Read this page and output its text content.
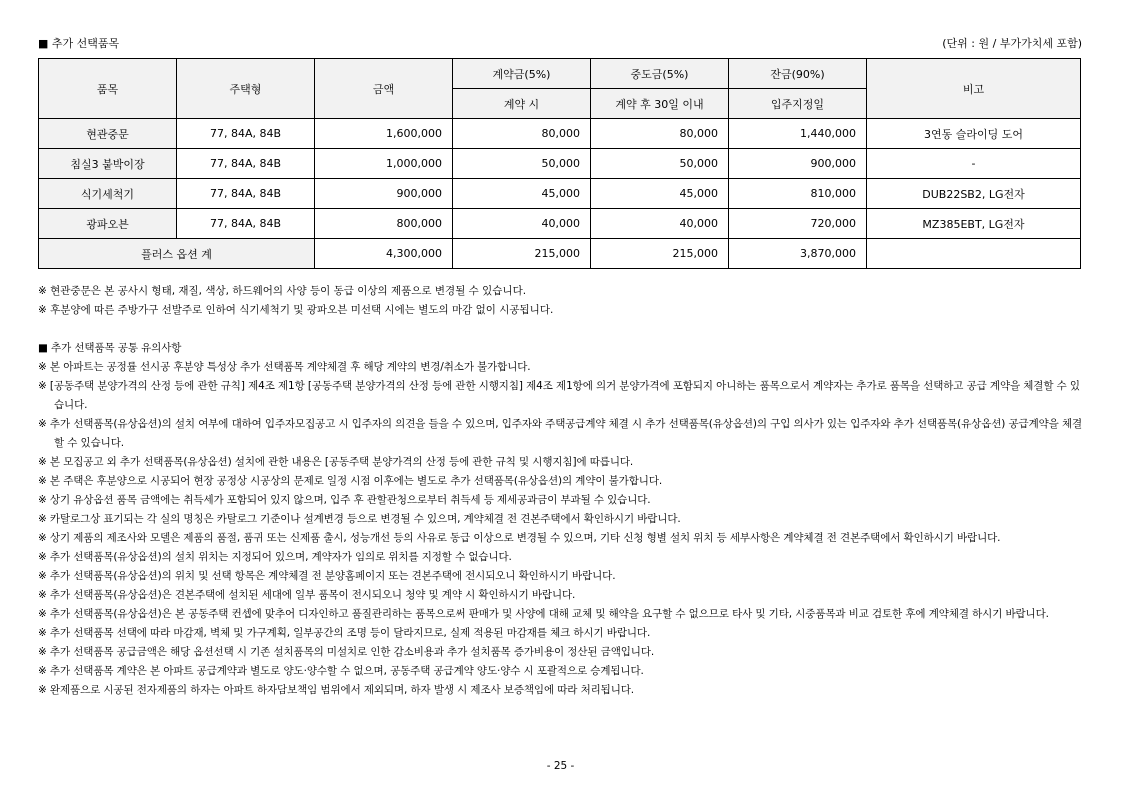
■ 추가 선택품목	(단위 : 원 / 부가가치세 포함)
품목	주택형	금액	계약금(5%)	중도금(5%)	잔금(90%)	비고
			계약 시	계약 후 30일 이내	입주지정일	
현관중문	77, 84A, 84B	1,600,000	80,000	80,000	1,440,000	3연동 슬라이딩 도어
침실3 붙박이장	77, 84A, 84B	1,000,000	50,000	50,000	900,000	-
식기세척기	77, 84A, 84B	900,000	45,000	45,000	810,000	DUB22SB2, LG전자
광파오븐	77, 84A, 84B	800,000	40,000	40,000	720,000	MZ385EBT, LG전자
플러스 옵션 계		4,300,000	215,000	215,000	3,870,000	

※ 현관중문은 본 공사시 형태, 재질, 색상, 하드웨어의 사양 등이 동급 이상의 제품으로 변경될 수 있습니다.

※ 후분양에 따른 주방가구 선발주로 인하여 식기세척기 및 광파오븐 미선택 시에는 별도의 마감 없이 시공됩니다.

■ 추가 선택품목 공통 유의사항

※ 본 아파트는 공정률 선시공 후분양 특성상 추가 선택품목 계약체결 후 해당 계약의 변경/취소가 불가합니다.

※ [공동주택 분양가격의 산정 등에 관한 규칙] 제4조 제1항 [공동주택 분양가격의 산정 등에 관한 시행지침] 제4조 제1항에 의거 분양가격에 포함되지 아니하는 품목으로서 계약자는 추가로 품목을 선택하고 공급 계약을 체결할 수 있습니다.

※ 추가 선택품목(유상옵션)의 설치 여부에 대하여 입주자모집공고 시 입주자의 의견을 들을 수 있으며, 입주자와 주택공급계약 체결 시 추가 선택품목(유상옵션)의 구입 의사가 있는 입주자와 추가 선택품목(유상옵션) 공급계약을 체결할 수 있습니다.

※ 본 모집공고 외 추가 선택품목(유상옵션) 설치에 관한 내용은 [공동주택 분양가격의 산정 등에 관한 규칙 및 시행지침]에 따릅니다.

※ 본 주택은 후분양으로 시공되어 현장 공정상 시공상의 문제로 일정 시점 이후에는 별도로 추가 선택품목(유상옵션)의 계약이 불가합니다.

※ 상기 유상옵션 품목 금액에는 취득세가 포함되어 있지 않으며, 입주 후 관할관청으로부터 취득세 등 제세공과금이 부과될 수 있습니다.

※ 카탈로그상 표기되는 각 실의 명칭은 카탈로그 기준이나 설계변경 등으로 변경될 수 있으며, 계약체결 전 견본주택에서 확인하시기 바랍니다.

※ 상기 제품의 제조사와 모델은 제품의 품절, 품귀 또는 신제품 출시, 성능개선 등의 사유로 동급 이상으로 변경될 수 있으며, 기타 신청 형별 설치 위치 등 세부사항은 계약체결 전 견본주택에서 확인하시기 바랍니다.

※ 추가 선택품목(유상옵션)의 설치 위치는 지정되어 있으며, 계약자가 임의로 위치를 지정할 수 없습니다.

※ 추가 선택품목(유상옵션)의 위치 및 선택 항목은 계약체결 전 분양홈페이지 또는 견본주택에 전시되오니 확인하시기 바랍니다.

※ 추가 선택품목(유상옵션)은 견본주택에 설치된 세대에 일부 품목이 전시되오니 청약 및 계약 시 확인하시기 바랍니다.

※ 추가 선택품목(유상옵션)은 본 공동주택 컨셉에 맞추어 디자인하고 품질관리하는 품목으로써 판매가 및 사양에 대해 교체 및 해약을 요구할 수 없으므로 타사 및 기타, 시중품목과 비교 검토한 후에 계약체결 하시기 바랍니다.

※ 추가 선택품목 선택에 따라 마감재, 벽체 및 가구계획, 일부공간의 조명 등이 달라지므로, 실제 적용된 마감재를 체크 하시기 바랍니다.

※ 추가 선택품목 공급금액은 해당 옵션선택 시 기존 설치품목의 미설치로 인한 감소비용과 추가 설치품목 증가비용이 정산된 금액입니다.

※ 추가 선택품목 계약은 본 아파트 공급계약과 별도로 양도·양수할 수 없으며, 공동주택 공급계약 양도·양수 시 포괄적으로 승계됩니다.

※ 완제품으로 시공된 전자제품의 하자는 아파트 하자담보책임 범위에서 제외되며, 하자 발생 시 제조사 보증책임에 따라 처리됩니다.

- 25 -
